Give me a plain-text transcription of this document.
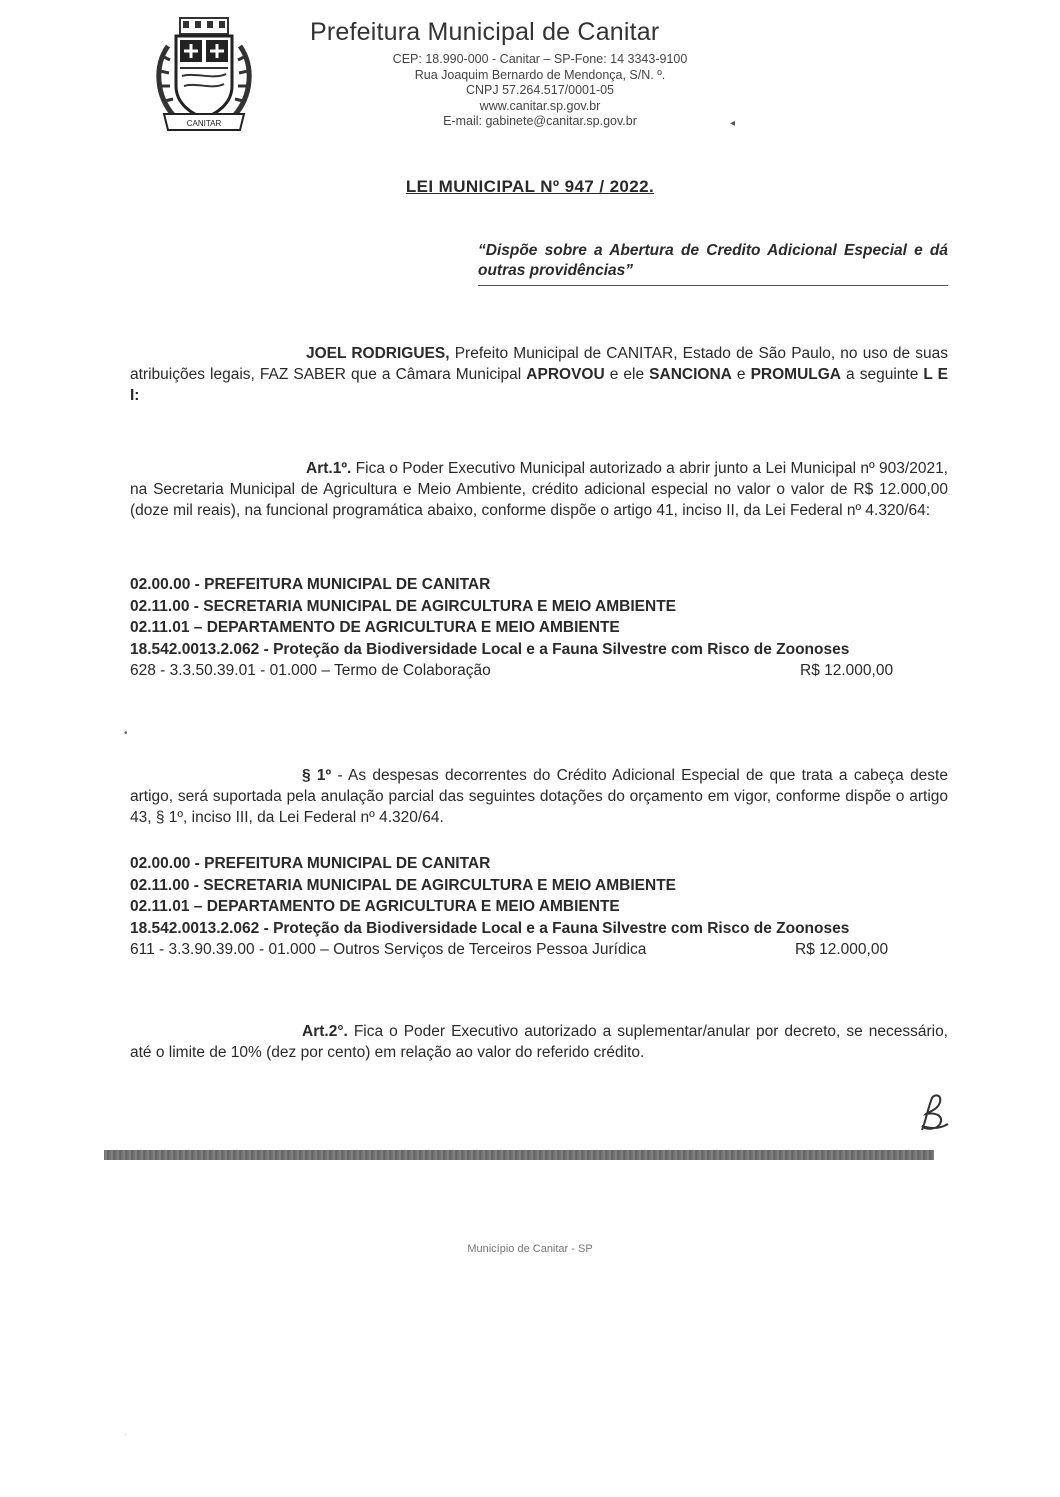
CANITAR
Prefeitura Municipal de Canitar
CEP: 18.990-000 - Canitar – SP-Fone: 14 3343-9100
Rua Joaquim Bernardo de Mendonça, S/N. º.
CNPJ 57.264.517/0001-05
www.canitar.sp.gov.br
E-mail: gabinete@canitar.sp.gov.br	◂
LEI MUNICIPAL Nº 947 / 2022.
“Dispõe sobre a Abertura de Credito Adicional Especial e dá outras providências”
JOEL RODRIGUES, Prefeito Municipal de CANITAR, Estado de São Paulo, no uso de suas atribuições legais, FAZ SABER que a Câmara Municipal APROVOU e ele SANCIONA e PROMULGA a seguinte L E I:
Art.1º. Fica o Poder Executivo Municipal autorizado a abrir junto a Lei Municipal nº 903/2021, na Secretaria Municipal de Agricultura e Meio Ambiente, crédito adicional especial no valor o valor de R$ 12.000,00 (doze mil reais), na funcional programática abaixo, conforme dispõe o artigo 41, inciso II, da Lei Federal nº 4.320/64:
02.00.00 - PREFEITURA MUNICIPAL DE CANITAR
02.11.00 - SECRETARIA MUNICIPAL DE AGIRCULTURA E MEIO AMBIENTE
02.11.01 – DEPARTAMENTO DE AGRICULTURA E MEIO AMBIENTE
18.542.0013.2.062 - Proteção da Biodiversidade Local e a Fauna Silvestre com Risco de Zoonoses
628 - 3.3.50.39.01 - 01.000 – Termo de Colaboração	R$ 12.000,00
•
§ 1º - As despesas decorrentes do Crédito Adicional Especial de que trata a cabeça deste artigo, será suportada pela anulação parcial das seguintes dotações do orçamento em vigor, conforme dispõe o artigo 43, § 1º, inciso III, da Lei Federal nº 4.320/64.
02.00.00 - PREFEITURA MUNICIPAL DE CANITAR
02.11.00 - SECRETARIA MUNICIPAL DE AGIRCULTURA E MEIO AMBIENTE
02.11.01 – DEPARTAMENTO DE AGRICULTURA E MEIO AMBIENTE
18.542.0013.2.062 - Proteção da Biodiversidade Local e a Fauna Silvestre com Risco de Zoonoses
611 - 3.3.90.39.00 - 01.000 – Outros Serviços de Terceiros Pessoa Jurídica	R$ 12.000,00
Art.2°. Fica o Poder Executivo autorizado a suplementar/anular por decreto, se necessário, até o limite de 10% (dez por cento) em relação ao valor do referido crédito.
Município de Canitar - SP
·
